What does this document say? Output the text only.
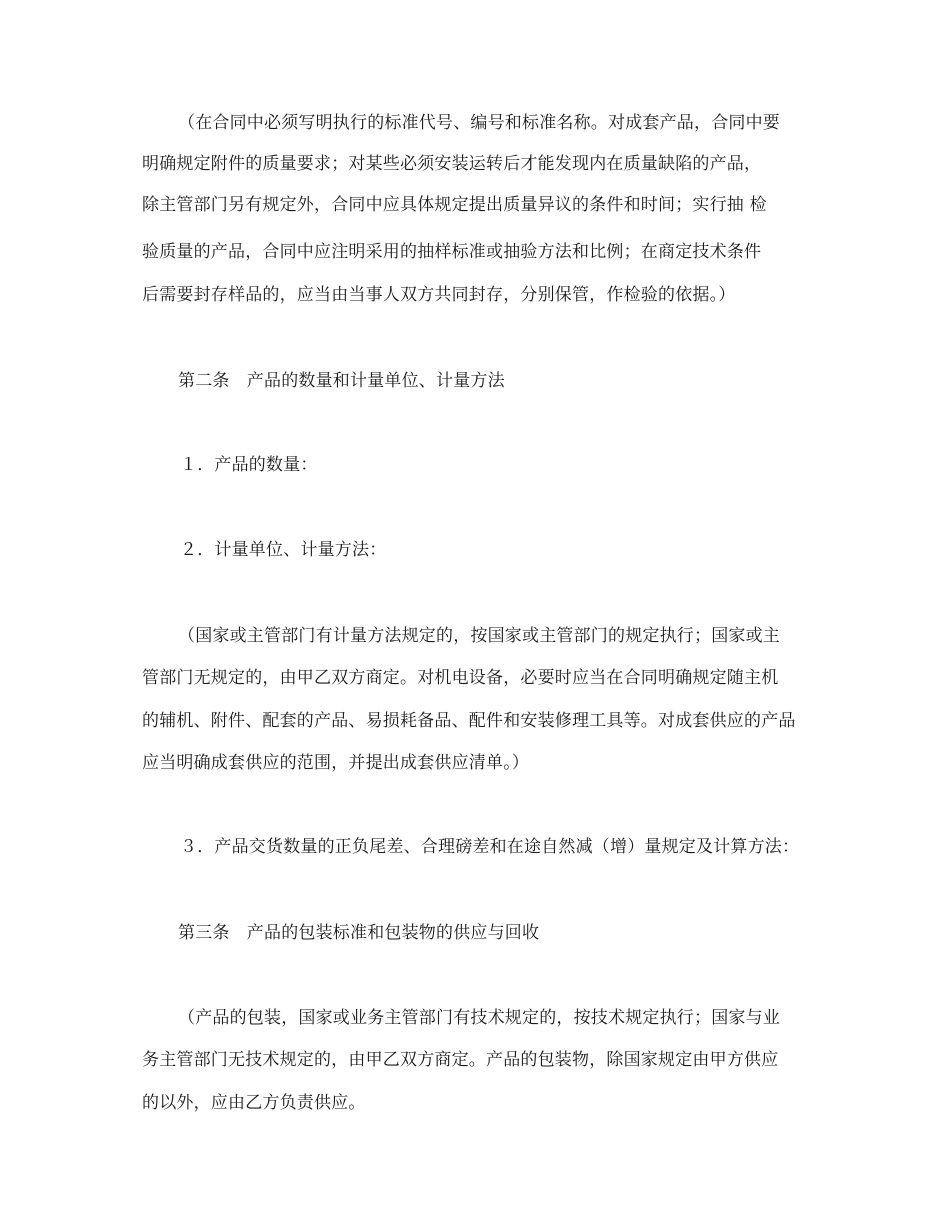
（在合同中必须写明执行的标准代号、编号和标准名称。对成套产品，合同中要
明确规定附件的质量要求；对某些必须安装运转后才能发现内在质量缺陷的产品，
除主管部门另有规定外，合同中应具体规定提出质量异议的条件和时间；实行抽 检
验质量的产品，合同中应注明采用的抽样标准或抽验方法和比例；在商定技术条件
后需要封存样品的，应当由当事人双方共同封存，分别保管，作检验的依据。）
第二条　产品的数量和计量单位、计量方法
１．产品的数量：
２．计量单位、计量方法：
（国家或主管部门有计量方法规定的，按国家或主管部门的规定执行；国家或主
管部门无规定的，由甲乙双方商定。对机电设备，必要时应当在合同明确规定随主机
的辅机、附件、配套的产品、易损耗备品、配件和安装修理工具等。对成套供应的产品
应当明确成套供应的范围，并提出成套供应清单。）
３．产品交货数量的正负尾差、合理磅差和在途自然减（增）量规定及计算方法：
第三条　产品的包装标准和包装物的供应与回收
（产品的包装，国家或业务主管部门有技术规定的，按技术规定执行；国家与业
务主管部门无技术规定的，由甲乙双方商定。产品的包装物，除国家规定由甲方供应
的以外，应由乙方负责供应。
